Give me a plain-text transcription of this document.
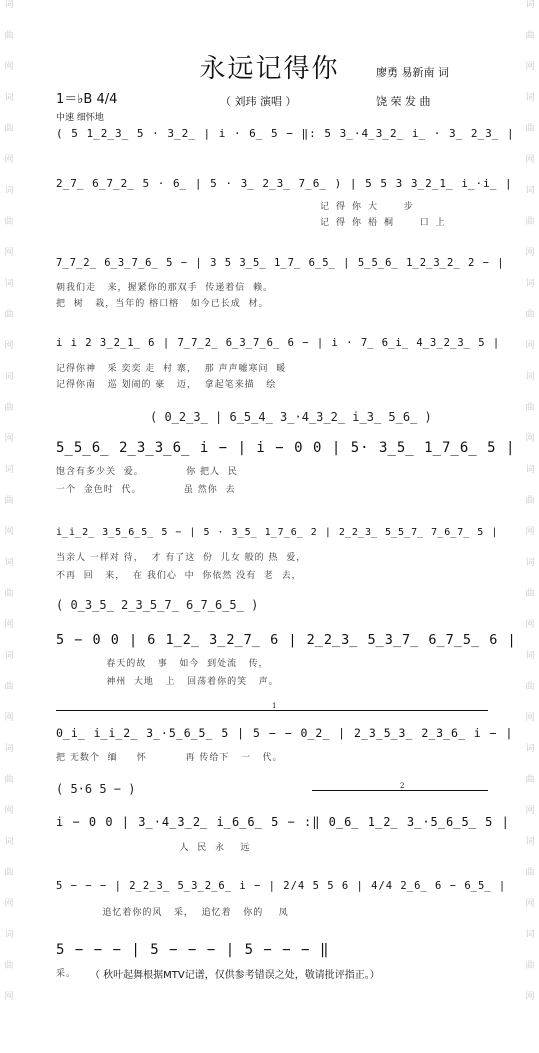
词
曲
网
词
曲
网
词
曲
网
词
曲
网
词
曲
网
词
曲
网
词
曲
网
词
曲
网
词
曲
网
词
曲
网
词
曲
网
词
曲
网
词
曲
网
词
曲
网
词
曲
网
词
曲
网
词
曲
网
词
曲
网
词
曲
网
词
曲
网
词
曲
网
词
曲
网
永远记得你	廖勇 易新南 词
（ 刘玮 演唱 ）	饶 荣 发 曲
1＝♭B 4/4
中速 细怀地
( 5 1̲2̲3̲ 5 · 3̲2̲ | i · 6̲ 5 − ‖: 5 3̲·4̲3̲2̲ i̲ · 3̲ 2̲3̲ |
2̲7̲ 6̲7̲2̲ 5 · 6̲ | 5 · 3̲ 2̲3̲ 7̲6̲ ) | 5 5 3 3̲2̲1̲ i̲·i̲ |
记得你大  步
记得你梧桐  口上
7̲7̲2̲ 6̲3̲7̲6̲ 5 − | 3 5 3̲5̲ 1̲7̲ 6̲5̲ | 5̲5̲6̲ 1̲2̲3̲2̲ 2 − |
朝我们走   来，握紧你的那双手  传递着信  赖。
把  树   栽，当年的 榕口榕   如今已长成  材。
i i 2 3̲2̲1̲ 6 | 7̲7̲2̲ 6̲3̲7̲6̲ 6 − | i · 7̲ 6̲i̲ 4̲3̲2̲3̲ 5 |
记得你神   采 奕奕 走  村 寨，  那 声声嘘寒问  暖
记得你南   巡 划闹的 豪   迈，  拿起笔来描   绘
( 0̲2̲3̲ | 6̲5̲4̲ 3̲·4̲3̲2̲ i̲3̲ 5̲6̲ )
5̲5̲6̲ 2̲3̲3̲6̲ i − | i − 0 0 | 5· 3̲5̲ 1̲7̲6̲ 5 |
饱含有多少关  爱。           你 把人  民
一个  金色时  代。           虽 然你  去
i̲i̲2̲ 3̲5̲6̲5̲ 5 − | 5 · 3̲5̲ 1̲7̲6̲ 2 | 2̲2̲3̲ 5̲5̲7̲ 7̲6̲7̲ 5 |
当亲人 一样对 待，  才 有了这  份  儿女 般的 热  爱，
不再  回   来，  在 我们心  中  你依然 没有  老  去，
( 0̲3̲5̲ 2̲3̲5̲7̲ 6̲7̲6̲5̲ )
5 − 0 0 | 6 1̲2̲ 3̲2̲7̲ 6 | 2̲2̲3̲ 5̲3̲7̲ 6̲7̲5̲ 6 |
春天的故   事   如今  到处流   传，
神州  大地   上   回荡着你的笑   声。
1
0̲i̲ i̲i̲2̲ 3̲·5̲6̲5̲ 5 | 5 − − 0̲2̲ | 2̲3̲5̲3̲ 2̲3̲6̲ i − |
把 无数个  缅     怀          再 传给下   一   代。
( 5·6 5 − )	2
i − 0 0 | 3̲·4̲3̲2̲ i̲6̲6̲ 5 − :‖ 0̲6̲ 1̲2̲ 3̲·5̲6̲5̲ 5 |
人  民  永    远
5 − − − | 2̲2̲3̲ 5̲3̲2̲6̲ i − | 2/4 5 5 6 | 4/4 2̲6̲ 6 − 6̲5̲ |
追忆着你的风   采，  追忆着   你的    凤
5 − − − | 5 − − − | 5 − − − ‖
采。 （ 秋叶起舞根据MTV记谱，仅供参考错误之处，敬请批评指正。）
